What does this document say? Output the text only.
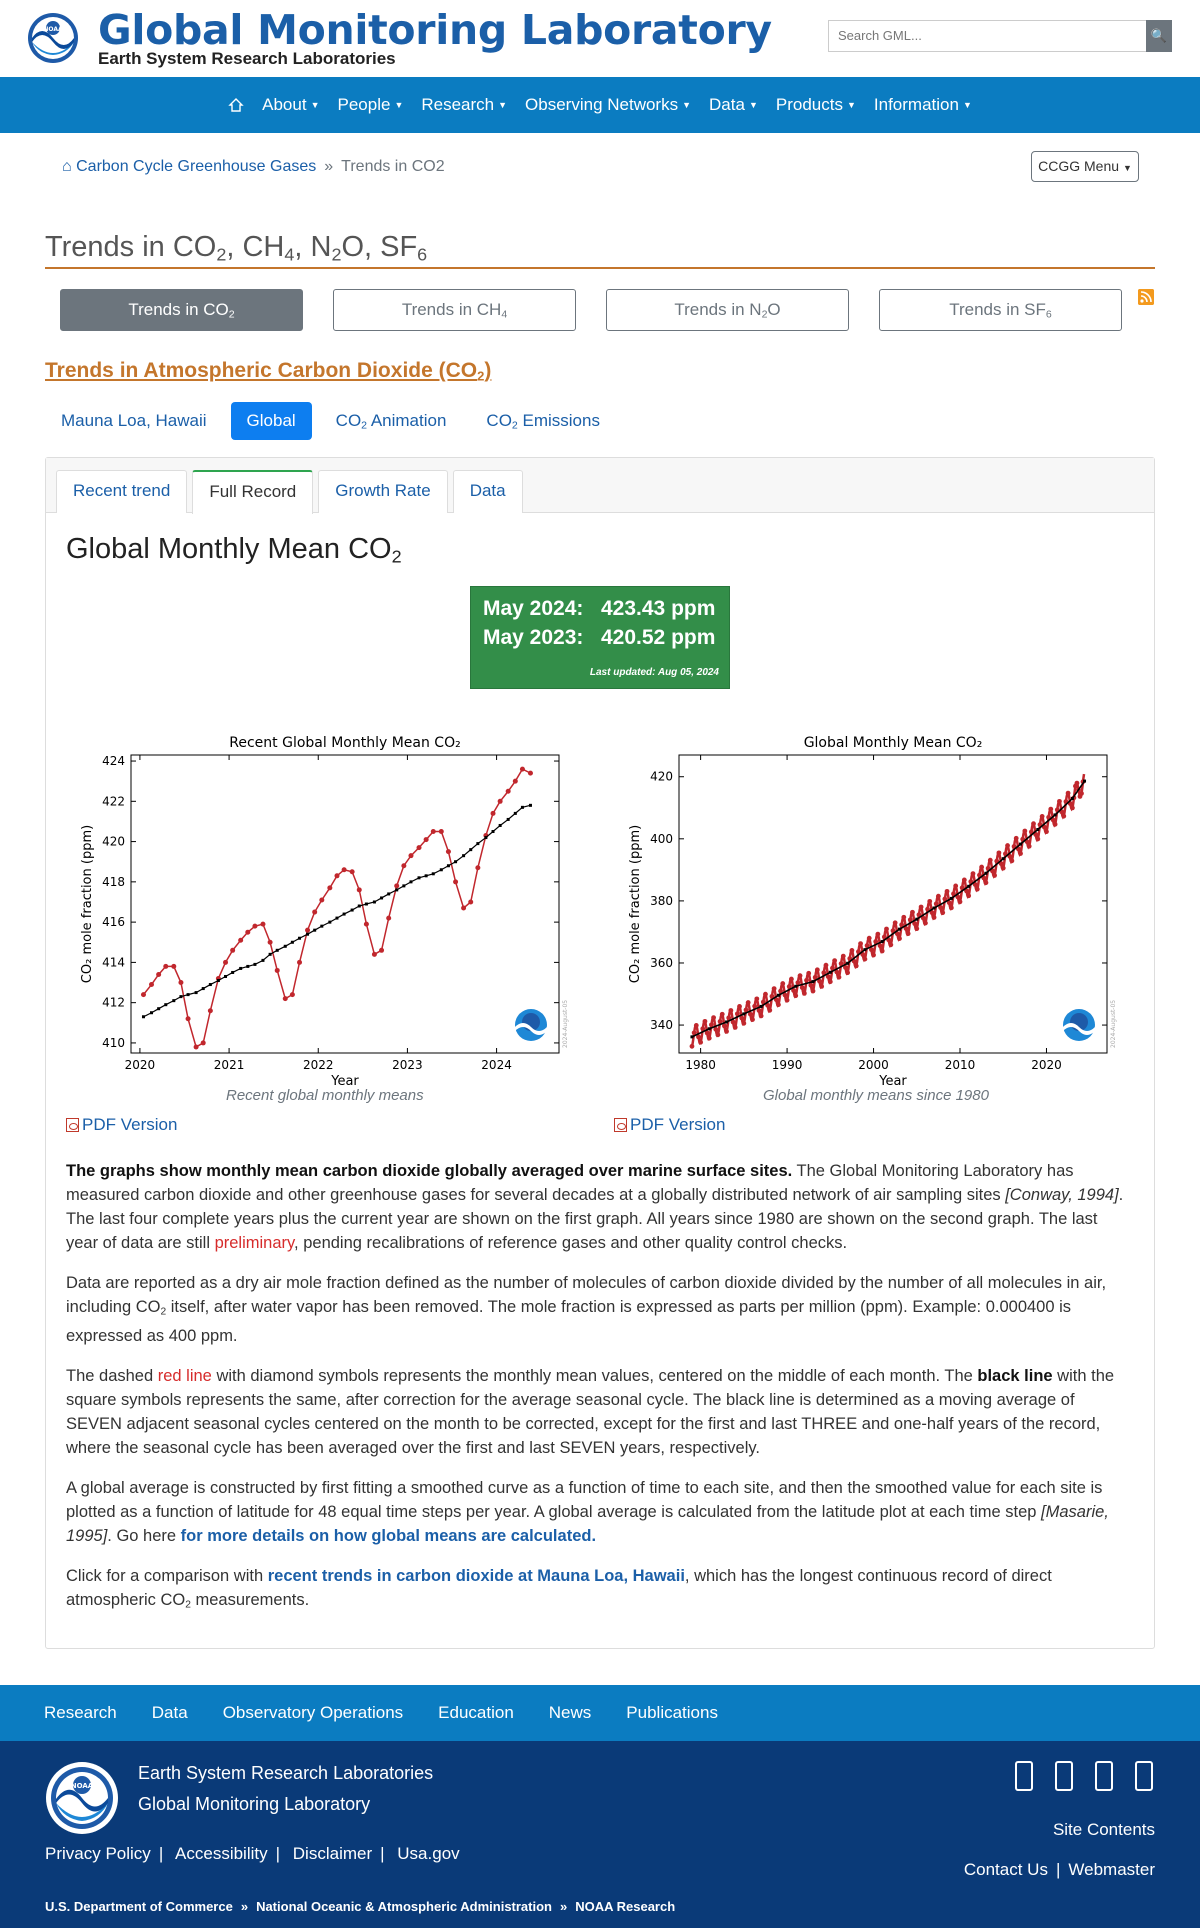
NOAA Global Monitoring Laboratory
Earth System Research Laboratories
Search GML...	🔍
About ▼ People ▼ Research ▼ Observing Networks ▼ Data ▼ Products ▼ Information ▼
⌂ Carbon Cycle Greenhouse Gases » Trends in CO2	CCGG Menu ▼
Trends in $CO_2$, $CH_4$, $N_2O$, $SF_6$
Trends in $CO_2$	Trends in $CH_4$	Trends in $N_2O$	Trends in $SF_6$
Trends in Atmospheric Carbon Dioxide $(CO_2)$
Mauna Loa, Hawaii	Global	$CO_2$ Animation	$CO_2$ Emissions
Recent trend	Full Record	Growth Rate	Data
Global Monthly Mean $CO_2$
May 2024: 423.43 ppm
May 2023: 420.52 ppm
Last updated: Aug 05, 2024
Recent Global Monthly Mean CO₂
2020	2021	2022	2023	2024
410
412
414
416
418
420
422
424
Year
CO₂ mole fraction (ppm)
2024-August-05
Global Monthly Mean CO₂
1980	1990	2000	2010	2020
340
360
380
400
420
Year
CO₂ mole fraction (ppm)
2024-August-05
Recent global monthly means	Global monthly means since 1980
PDF Version	PDF Version

The graphs show monthly mean carbon dioxide globally averaged over marine surface sites. The Global Monitoring Laboratory has measured carbon dioxide and other greenhouse gases for several decades at a globally distributed network of air sampling sites [Conway, 1994]. The last four complete years plus the current year are shown on the first graph. All years since 1980 are shown on the second graph. The last year of data are still preliminary, pending recalibrations of reference gases and other quality control checks.

Data are reported as a dry air mole fraction defined as the number of molecules of carbon dioxide divided by the number of all molecules in air, including $CO_2$ itself, after water vapor has been removed. The mole fraction is expressed as parts per million (ppm). Example: 0.000400 is expressed as 400 ppm.

The dashed red line with diamond symbols represents the monthly mean values, centered on the middle of each month. The black line with the square symbols represents the same, after correction for the average seasonal cycle. The black line is determined as a moving average of SEVEN adjacent seasonal cycles centered on the month to be corrected, except for the first and last THREE and one-half years of the record, where the seasonal cycle has been averaged over the first and last SEVEN years, respectively.

A global average is constructed by first fitting a smoothed curve as a function of time to each site, and then the smoothed value for each site is plotted as a function of latitude for 48 equal time steps per year. A global average is calculated from the latitude plot at each time step [Masarie, 1995]. Go here for more details on how global means are calculated.

Click for a comparison with recent trends in carbon dioxide at Mauna Loa, Hawaii, which has the longest continuous record of direct atmospheric $CO_2$ measurements.

Research Data Observatory Operations Education News Publications
NOAA
Earth System Research Laboratories
Global Monitoring Laboratory
Privacy Policy | Accessibility | Disclaimer | Usa.gov
Site Contents
Contact Us | Webmaster
U.S. Department of Commerce » National Oceanic & Atmospheric Administration » NOAA Research
